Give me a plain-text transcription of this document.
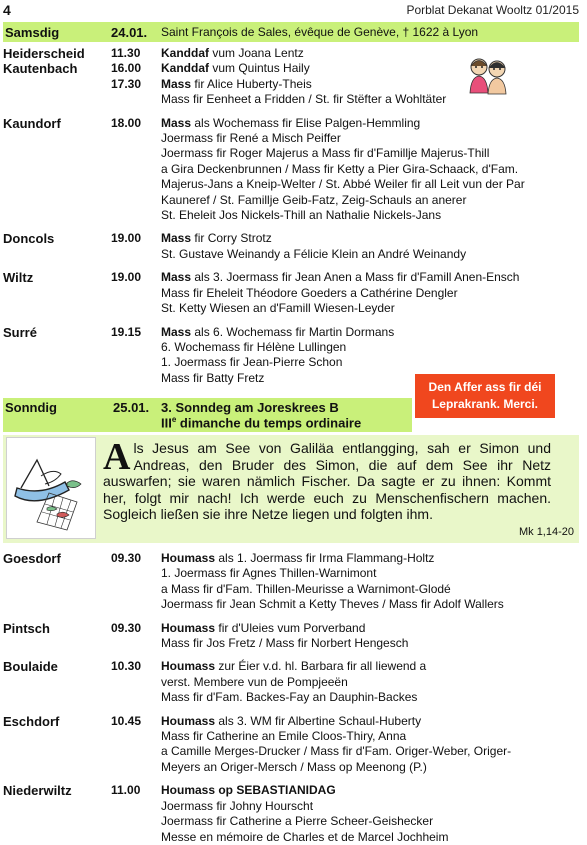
4	Porblat Dekanat Wooltz 01/2015
Samsdig	24.01.	Saint François de Sales, évêque de Genève, † 1622 à Lyon
Heiderscheid	11.30	Kanddaf vum Joana Lentz
Kautenbach	16.00	Kanddaf vum Quintus Haily
17.30	Mass fir Alice Huberty-Theis
Mass fir Eenheet a Fridden / St. fir Stëfter a Wohltäter
Kaundorf	18.00	Mass als Wochemass fir Elise Palgen-Hemmling
Joermass fir René a Misch Peiffer
Joermass fir Roger Majerus a Mass fir d'Famillje Majerus-Thill
a Gira Deckenbrunnen / Mass fir Ketty a Pier Gira-Schaack, d'Fam.
Majerus-Jans a Kneip-Welter / St. Abbé Weiler fir all Leit vun der Par
Kauneref / St. Famillje Geib-Fatz, Zeig-Schauls an anerer
St. Eheleit Jos Nickels-Thill an Nathalie Nickels-Jans
Doncols	19.00	Mass fir Corry Strotz
St. Gustave Weinandy a Félicie Klein an André Weinandy
Wiltz	19.00	Mass als 3. Joermass fir Jean Anen a Mass fir d'Famill Anen-Ensch
Mass fir Eheleit Théodore Goeders a Cathérine Dengler
St. Ketty Wiesen an d'Famill Wiesen-Leyder
Surré	19.15	Mass als 6. Wochemass fir Martin Dormans
6. Wochemass fir Hélène Lullingen
1. Joermass fir Jean-Pierre Schon
Mass fir Batty Fretz
Sonndig	25.01. 3. Sonndeg am Joreskrees B
IIIe dimanche du temps ordinaire
Den Affer ass fir déi
Leprakrank. Merci.
Als Jesus am See von Galiläa entlangging, sah er Simon und Andreas, den Bruder des Simon, die auf dem See ihr Netz auswarfen; sie waren nämlich Fischer. Da sagte er zu ihnen: Kommt her, folgt mir nach! Ich werde euch zu Menschenfischern machen. Sogleich ließen sie ihre Netze liegen und folgten ihm.
Mk 1,14-20
Goesdorf	09.30	Houmass als 1. Joermass fir Irma Flammang-Holtz
1. Joermass fir Agnes Thillen-Warnimont
a Mass fir d'Fam. Thillen-Meurisse a Warnimont-Glodé
Joermass fir Jean Schmit a Ketty Theves / Mass fir Adolf Wallers
Pintsch	09.30	Houmass fir d'Uleies vum Porverband
Mass fir Jos Fretz / Mass fir Norbert Hengesch
Boulaide	10.30	Houmass zur Éier v.d. hl. Barbara fir all liewend a
verst. Membere vun de Pompjeeën
Mass fir d'Fam. Backes-Fay an Dauphin-Backes
Eschdorf	10.45	Houmass als 3. WM fir Albertine Schaul-Huberty
Mass fir Catherine an Emile Cloos-Thiry, Anna
a Camille Merges-Drucker / Mass fir d'Fam. Origer-Weber, Origer-
Meyers an Origer-Mersch / Mass op Meenong (P.)
Niederwiltz	11.00	Houmass op SEBASTIANIDAG
Joermass fir Johny Hourscht
Joermass fir Catherine a Pierre Scheer-Geishecker
Messe en mémoire de Charles et de Marcel Jochheim
